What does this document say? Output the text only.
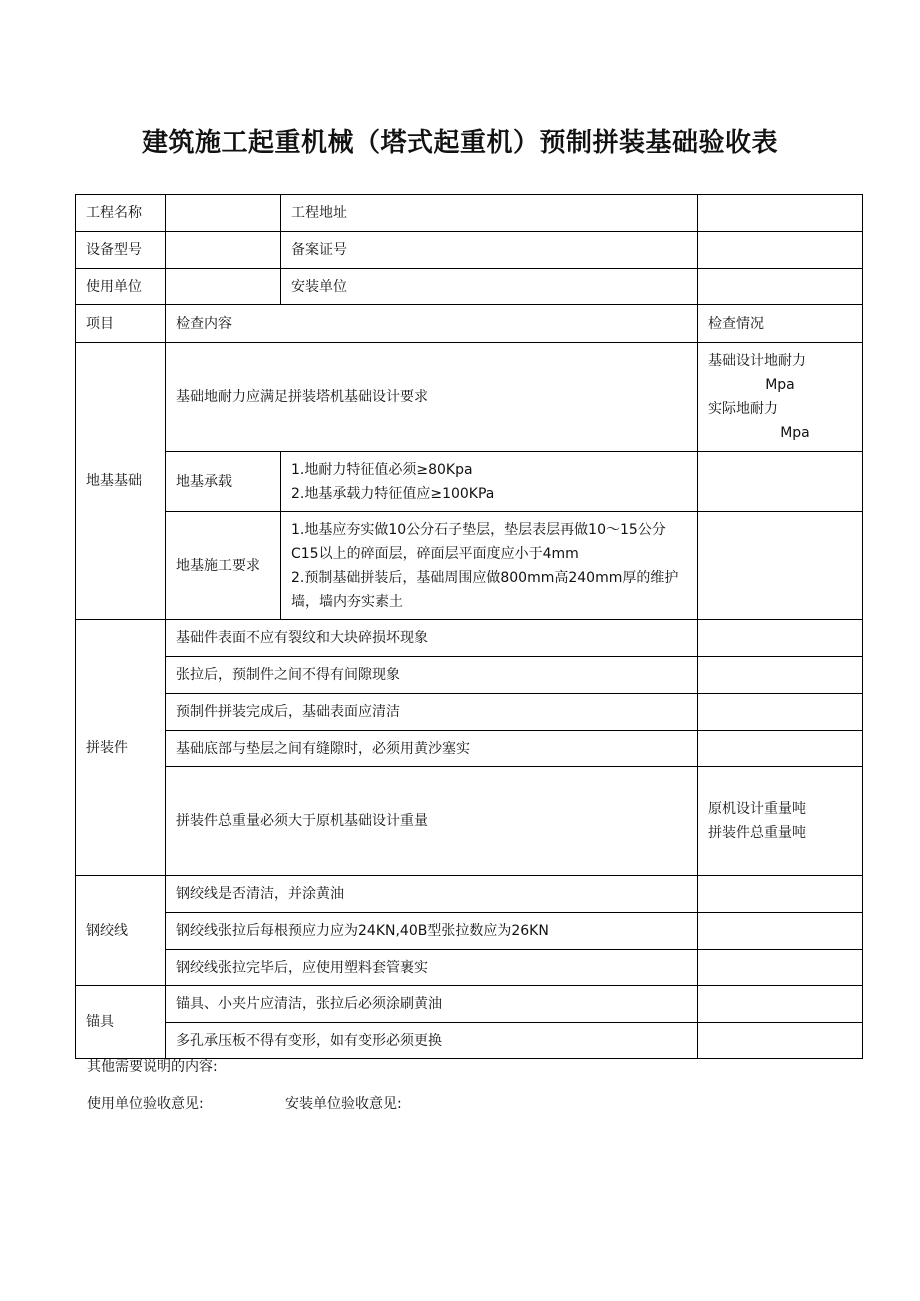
建筑施工起重机械（塔式起重机）预制拼装基础验收表
工程名称		工程地址	
设备型号		备案证号	
使用单位		安装单位	
项目	检查内容		检查情况
地基基础	基础地耐力应满足拼装塔机基础设计要求		基础设计地耐力
Mpa
实际地耐力
Mpa

	地基承载	1.地耐力特征值必须≥80Kpa
2.地基承载力特征值应≥100KPa	

	地基施工要求	1.地基应夯实做10公分石子垫层，垫层表层再做10～15公分
C15以上的碎面层，碎面层平面度应小于4mm
2.预制基础拼装后，基础周围应做800mm高240mm厚的维护
墙，墙内夯实素土	

拼装件	基础件表面不应有裂纹和大块碎损坏现象		
	张拉后，预制件之间不得有间隙现象		
	预制件拼装完成后，基础表面应清洁		
	基础底部与垫层之间有缝隙时，必须用黄沙塞实		
	拼装件总重量必须大于原机基础设计重量		原机设计重量吨
拼装件总重量吨

钢绞线	钢绞线是否清洁，并涂黄油		
	钢绞线张拉后每根预应力应为24KN,40B型张拉数应为26KN		
	钢绞线张拉完毕后，应使用塑料套管裹实		
锚具	锚具、小夹片应清洁，张拉后必须涂刷黄油		
	多孔承压板不得有变形，如有变形必须更换		

其他需要说明的内容:

使用单位验收意见:	安装单位验收意见:
